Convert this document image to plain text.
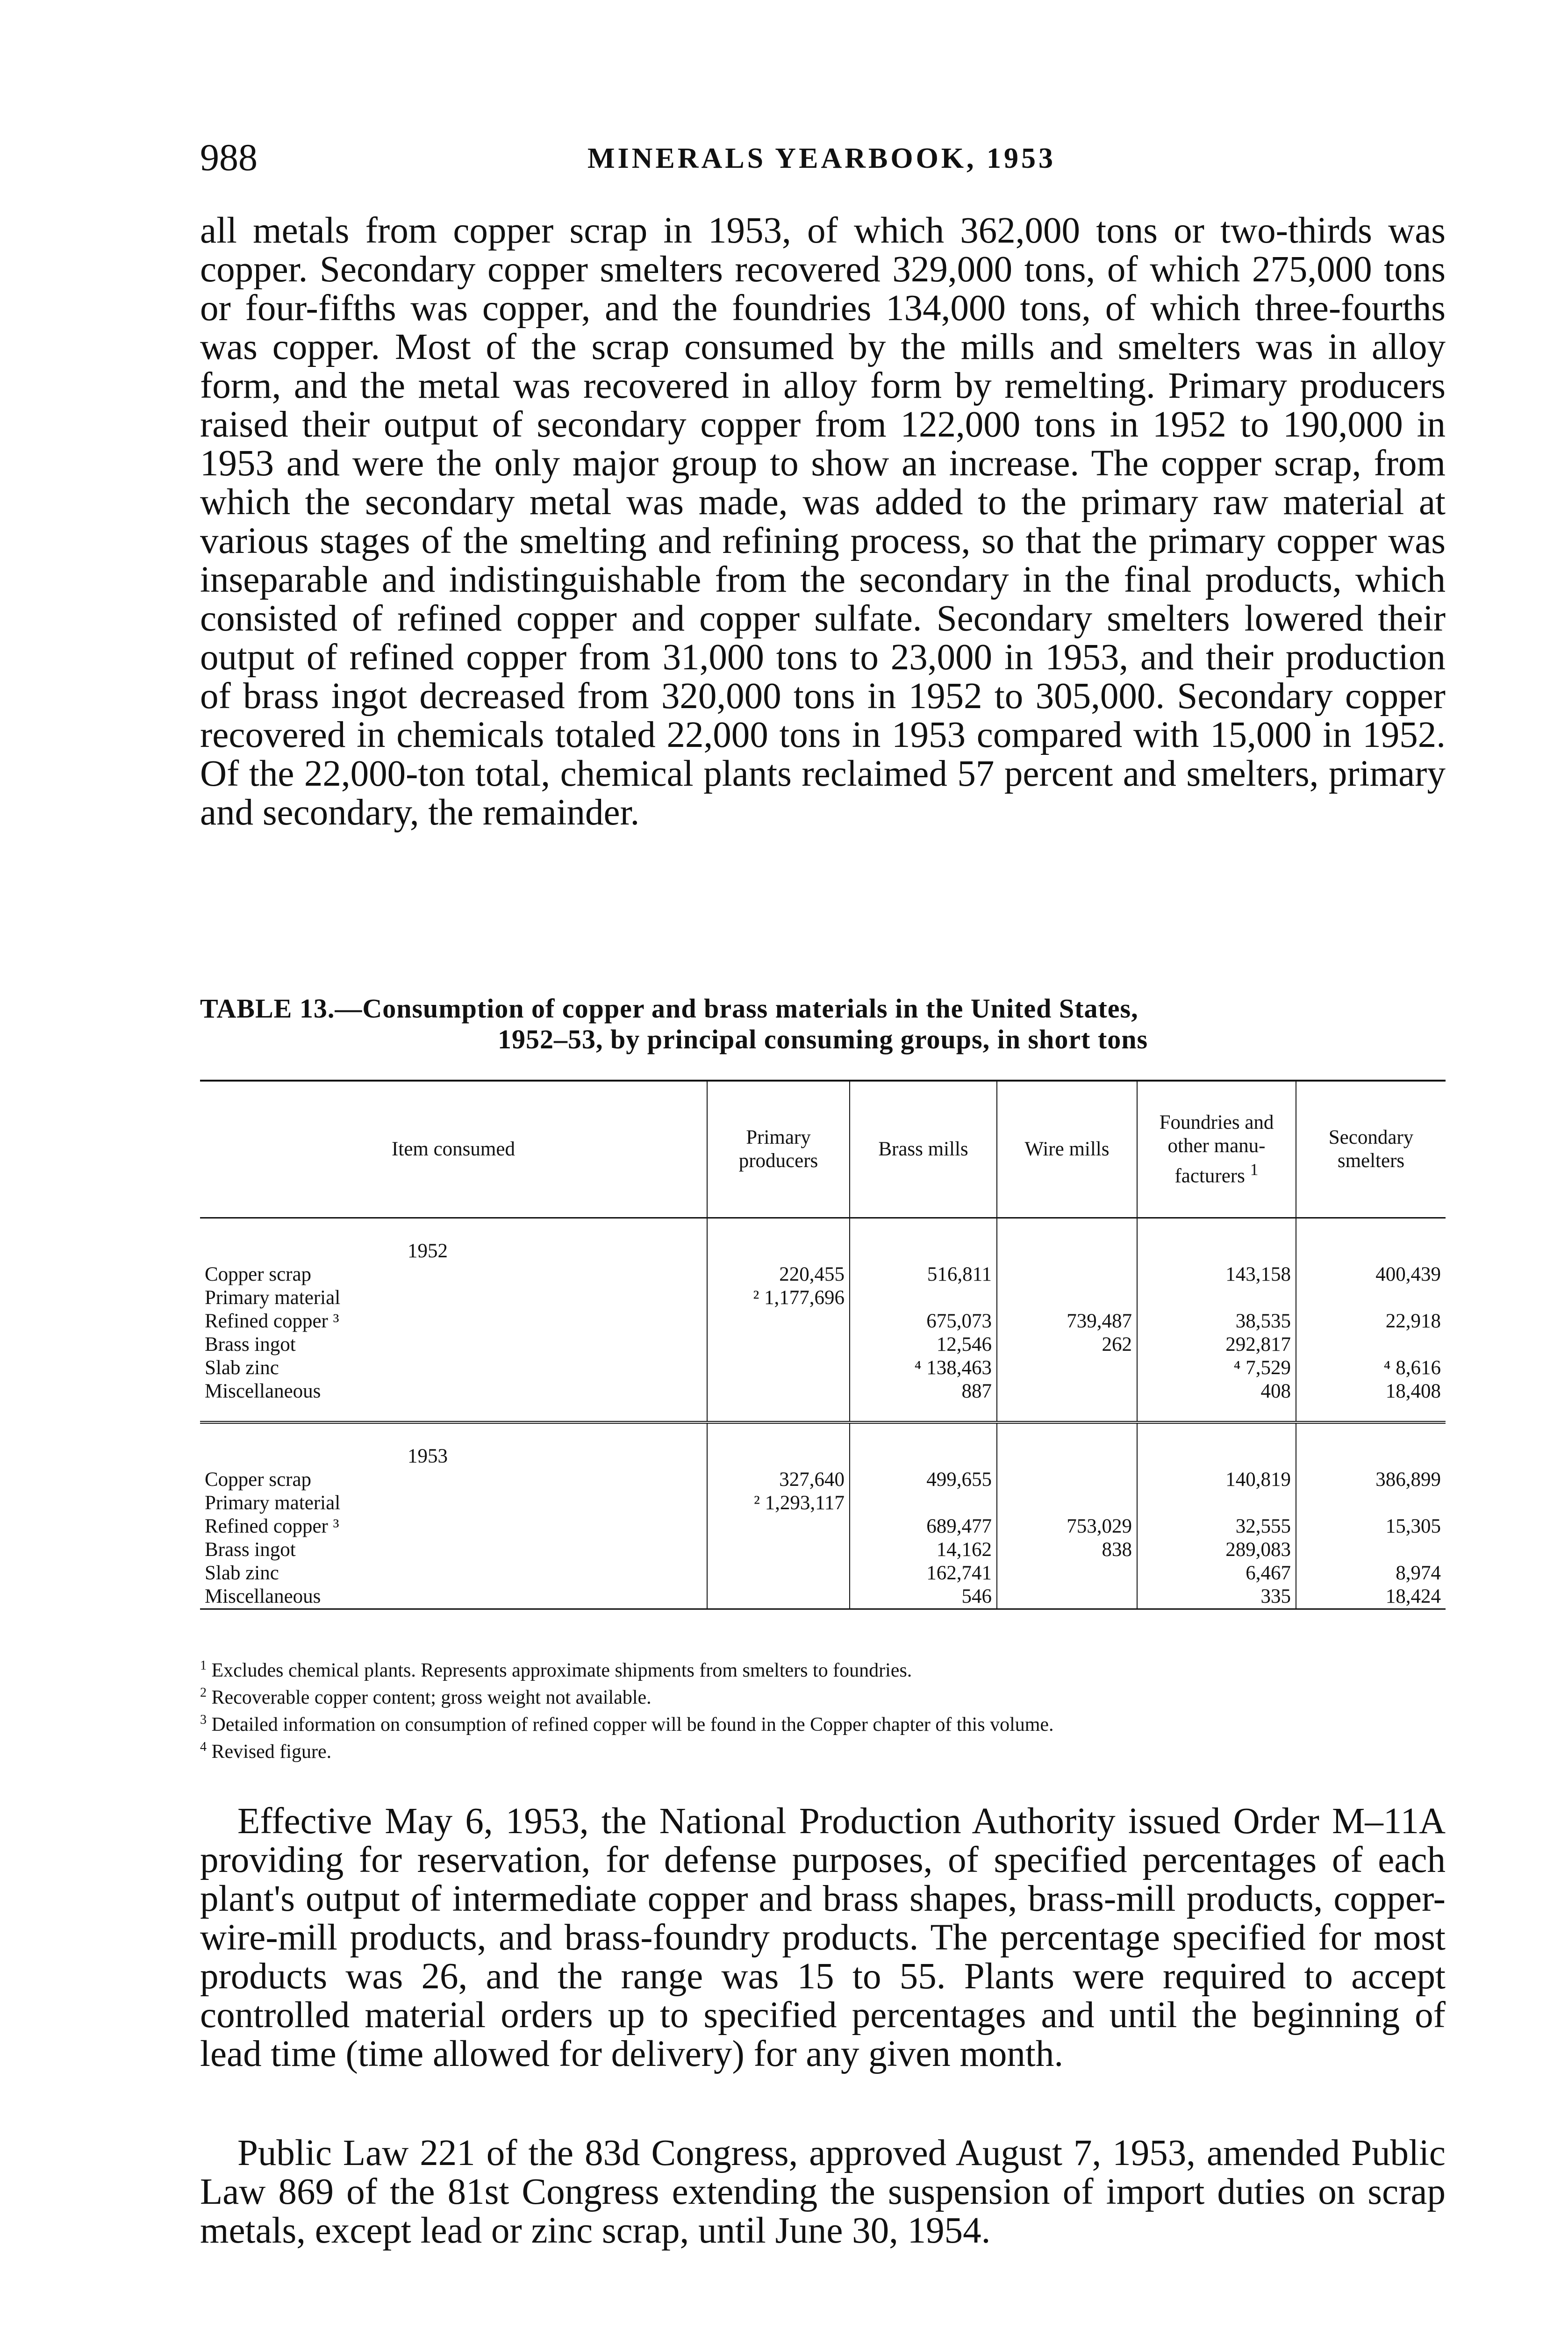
988	MINERALS YEARBOOK, 1953

all metals from copper scrap in 1953, of which 362,000 tons or two-thirds was copper. Secondary copper smelters recovered 329,000 tons, of which 275,000 tons or four-fifths was copper, and the foundries 134,000 tons, of which three-fourths was copper. Most of the scrap consumed by the mills and smelters was in alloy form, and the metal was recovered in alloy form by remelting. Primary producers raised their output of secondary copper from 122,000 tons in 1952 to 190,000 in 1953 and were the only major group to show an increase. The copper scrap, from which the secondary metal was made, was added to the primary raw material at various stages of the smelting and refining process, so that the primary copper was inseparable and indistinguishable from the secondary in the final products, which consisted of refined copper and copper sulfate. Secondary smelters lowered their output of refined copper from 31,000 tons to 23,000 in 1953, and their production of brass ingot decreased from 320,000 tons in 1952 to 305,000. Secondary copper recovered in chemicals totaled 22,000 tons in 1953 compared with 15,000 in 1952. Of the 22,000-ton total, chemical plants reclaimed 57 percent and smelters, primary and secondary, the remainder.

TABLE 13.—Consumption of copper and brass materials in the United States,
1952–53, by principal consuming groups, in short tons
Item consumed	Primary producers	Brass mills	Wire mills	Foundries and other manu-facturers $^1$	Secondary smelters
1952					
Copper scrap	220,455	516,811		143,158	400,439
Primary material	² 1,177,696				
Refined copper ³		675,073	739,487	38,535	22,918
Brass ingot		12,546	262	292,817	
Slab zinc		⁴ 138,463		⁴ 7,529	⁴ 8,616
Miscellaneous		887		408	18,408

1953					
Copper scrap	327,640	499,655		140,819	386,899
Primary material	² 1,293,117				
Refined copper ³		689,477	753,029	32,555	15,305
Brass ingot		14,162	838	289,083	
Slab zinc		162,741		6,467	8,974
Miscellaneous		546		335	18,424

$^1$ Excludes chemical plants. Represents approximate shipments from smelters to foundries.

$^2$ Recoverable copper content; gross weight not available.

$^3$ Detailed information on consumption of refined copper will be found in the Copper chapter of this volume.

$^4$ Revised figure.

Effective May 6, 1953, the National Production Authority issued Order M–11A providing for reservation, for defense purposes, of specified percentages of each plant's output of intermediate copper and brass shapes, brass-mill products, copper-wire-mill products, and brass-foundry products. The percentage specified for most products was 26, and the range was 15 to 55. Plants were required to accept controlled material orders up to specified percentages and until the beginning of lead time (time allowed for delivery) for any given month.

Public Law 221 of the 83d Congress, approved August 7, 1953, amended Public Law 869 of the 81st Congress extending the suspension of import duties on scrap metals, except lead or zinc scrap, until June 30, 1954.
